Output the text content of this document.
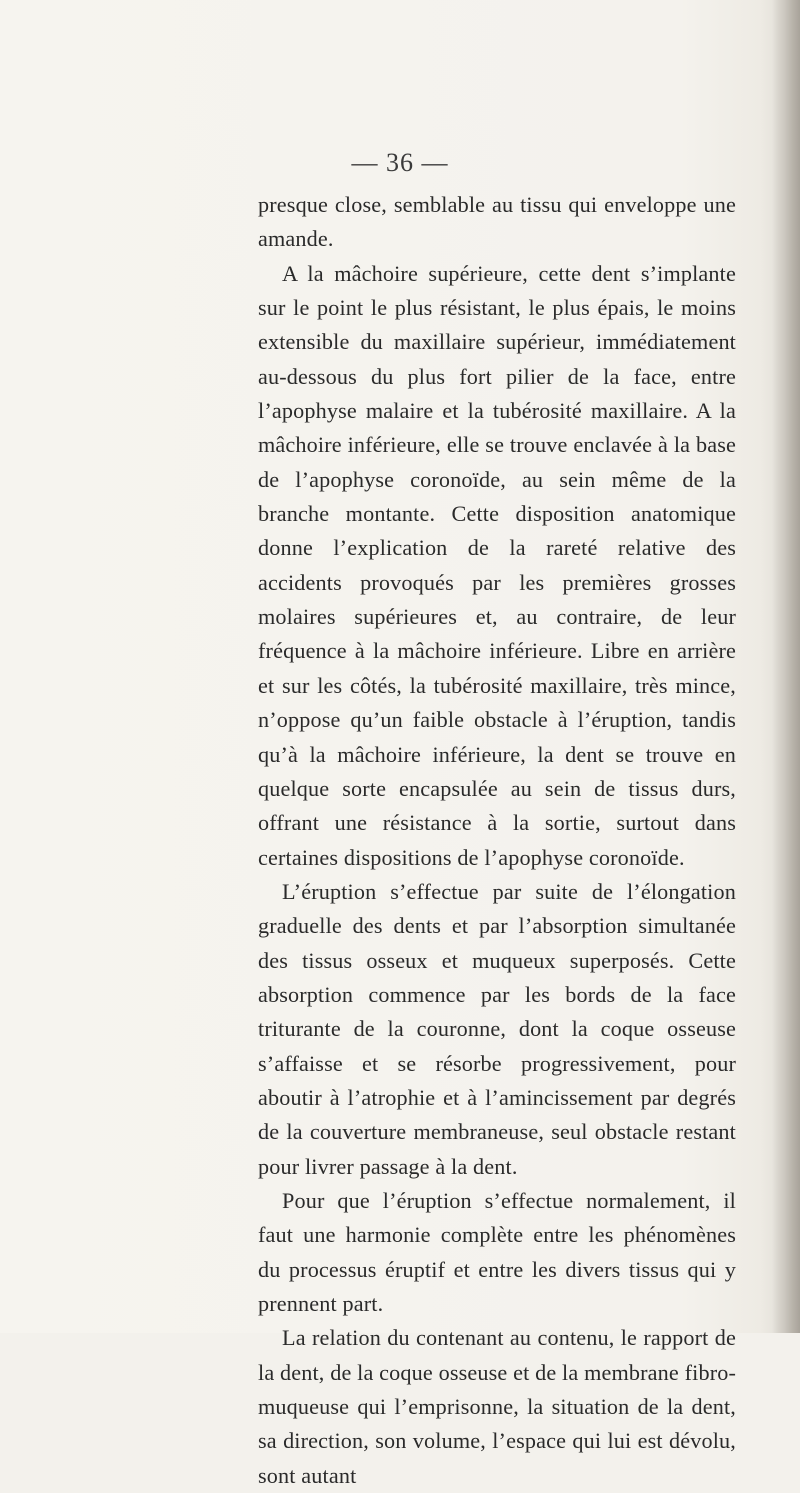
— 36 —

presque close, semblable au tissu qui enveloppe une amande.

A la mâchoire supérieure, cette dent s’implante sur le point le plus résistant, le plus épais, le moins extensible du maxillaire supérieur, immédiatement au-dessous du plus fort pilier de la face, entre l’apophyse malaire et la tubérosité maxillaire. A la mâchoire inférieure, elle se trouve enclavée à la base de l’apophyse coronoïde, au sein même de la branche montante. Cette disposition anatomique donne l’explication de la rareté relative des accidents provoqués par les premières grosses molaires supérieures et, au contraire, de leur fréquence à la mâchoire inférieure. Libre en arrière et sur les côtés, la tubérosité maxillaire, très mince, n’oppose qu’un faible obstacle à l’éruption, tandis qu’à la mâchoire inférieure, la dent se trouve en quelque sorte encapsulée au sein de tissus durs, offrant une résistance à la sortie, surtout dans certaines dispositions de l’apophyse coronoïde.

L’éruption s’effectue par suite de l’élongation graduelle des dents et par l’absorption simultanée des tissus osseux et muqueux superposés. Cette absorption commence par les bords de la face triturante de la couronne, dont la coque osseuse s’affaisse et se résorbe progressivement, pour aboutir à l’atrophie et à l’amincissement par degrés de la couverture membraneuse, seul obstacle restant pour livrer passage à la dent.

Pour que l’éruption s’effectue normalement, il faut une harmonie complète entre les phénomènes du processus éruptif et entre les divers tissus qui y prennent part.

La relation du contenant au contenu, le rapport de la dent, de la coque osseuse et de la membrane fibro-muqueuse qui l’emprisonne, la situation de la dent, sa direction, son volume, l’espace qui lui est dévolu, sont autant
